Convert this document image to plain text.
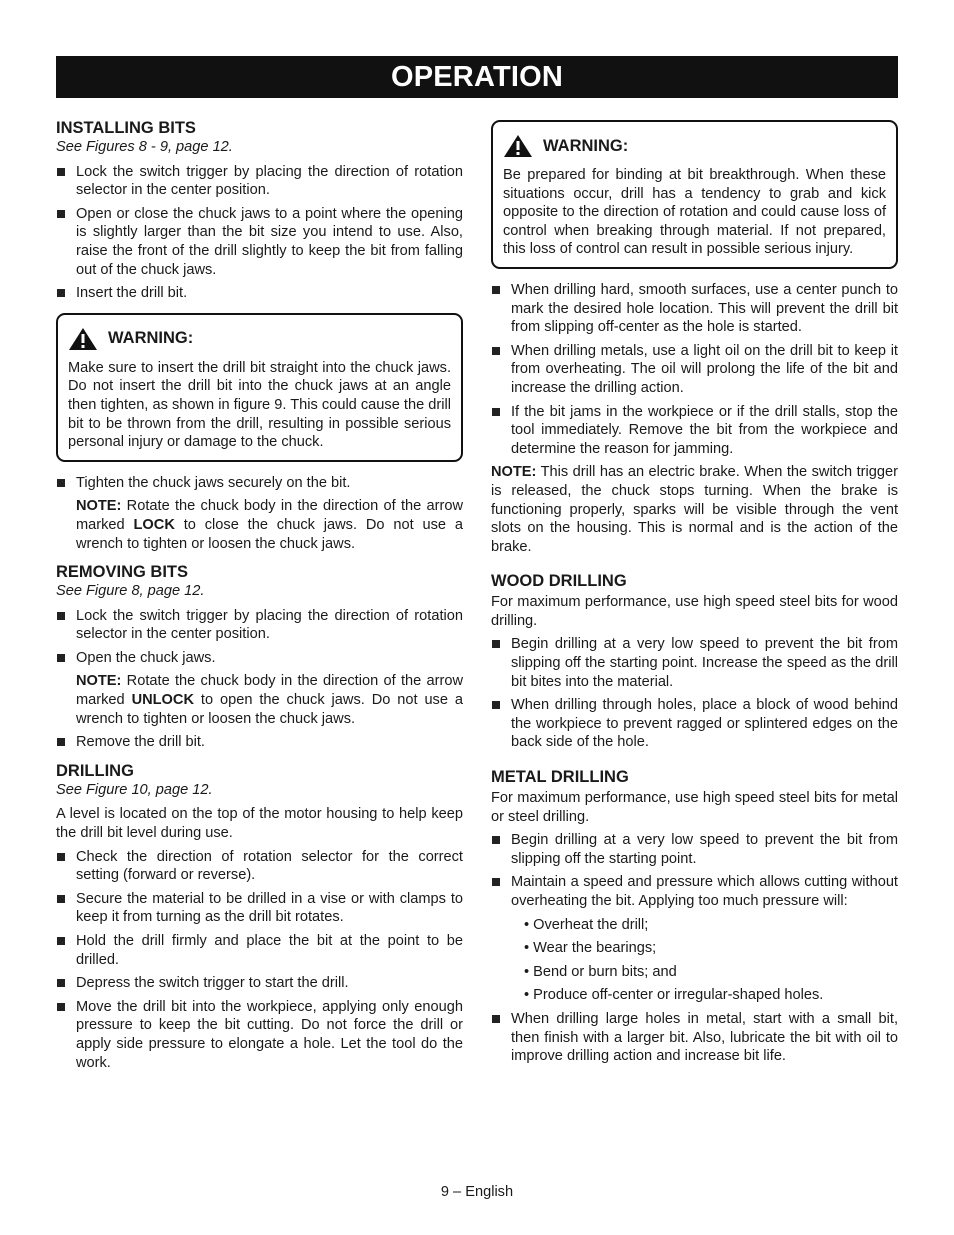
OPERATION
INSTALLING BITS

See Figures 8 - 9, page 12.

Lock the switch trigger by placing the direction of rotation selector in the center position.

Open or close the chuck jaws to a point where the opening is slightly larger than the bit size you intend to use. Also, raise the front of the drill slightly to keep the bit from falling out of the chuck jaws.

Insert the drill bit.

WARNING:

Make sure to insert the drill bit straight into the chuck jaws. Do not insert the drill bit into the chuck jaws at an angle then tighten, as shown in figure 9. This could cause the drill bit to be thrown from the drill, resulting in possible serious personal injury or damage to the chuck.

Tighten the chuck jaws securely on the bit.

NOTE: Rotate the chuck body in the direction of the arrow marked LOCK to close the chuck jaws. Do not use a wrench to tighten or loosen the chuck jaws.

REMOVING BITS

See Figure 8, page 12.

Lock the switch trigger by placing the direction of rotation selector in the center position.

Open the chuck jaws.

NOTE: Rotate the chuck body in the direction of the arrow marked UNLOCK to open the chuck jaws. Do not use a wrench to tighten or loosen the chuck jaws.

Remove the drill bit.

DRILLING

See Figure 10, page 12.

A level is located on the top of the motor housing to help keep the drill bit level during use.

Check the direction of rotation selector for the correct setting (forward or reverse).

Secure the material to be drilled in a vise or with clamps to keep it from turning as the drill bit rotates.

Hold the drill firmly and place the bit at the point to be drilled.

Depress the switch trigger to start the drill.

Move the drill bit into the workpiece, applying only enough pressure to keep the bit cutting. Do not force the drill or apply side pressure to elongate a hole. Let the tool do the work.

WARNING:

Be prepared for binding at bit breakthrough. When these situations occur, drill has a tendency to grab and kick opposite to the direction of rotation and could cause loss of control when breaking through material. If not prepared, this loss of control can result in possible serious injury.

When drilling hard, smooth surfaces, use a center punch to mark the desired hole location. This will prevent the drill bit from slipping off-center as the hole is started.

When drilling metals, use a light oil on the drill bit to keep it from overheating. The oil will prolong the life of the bit and increase the drilling action.

If the bit jams in the workpiece or if the drill stalls, stop the tool immediately. Remove the bit from the workpiece and determine the reason for jamming.

NOTE: This drill has an electric brake. When the switch trigger is released, the chuck stops turning. When the brake is functioning properly, sparks will be visible through the vent slots on the housing. This is normal and is the action of the brake.

WOOD DRILLING

For maximum performance, use high speed steel bits for wood drilling.

Begin drilling at a very low speed to prevent the bit from slipping off the starting point. Increase the speed as the drill bit bites into the material.

When drilling through holes, place a block of wood behind the workpiece to prevent ragged or splintered edges on the back side of the hole.

METAL DRILLING

For maximum performance, use high speed steel bits for metal or steel drilling.

Begin drilling at a very low speed to prevent the bit from slipping off the starting point.

Maintain a speed and pressure which allows cutting without overheating the bit. Applying too much pressure will:

• Overheat the drill;

• Wear the bearings;

• Bend or burn bits; and

• Produce off-center or irregular-shaped holes.

When drilling large holes in metal, start with a small bit, then finish with a larger bit. Also, lubricate the bit with oil to improve drilling action and increase bit life.

9 – English
